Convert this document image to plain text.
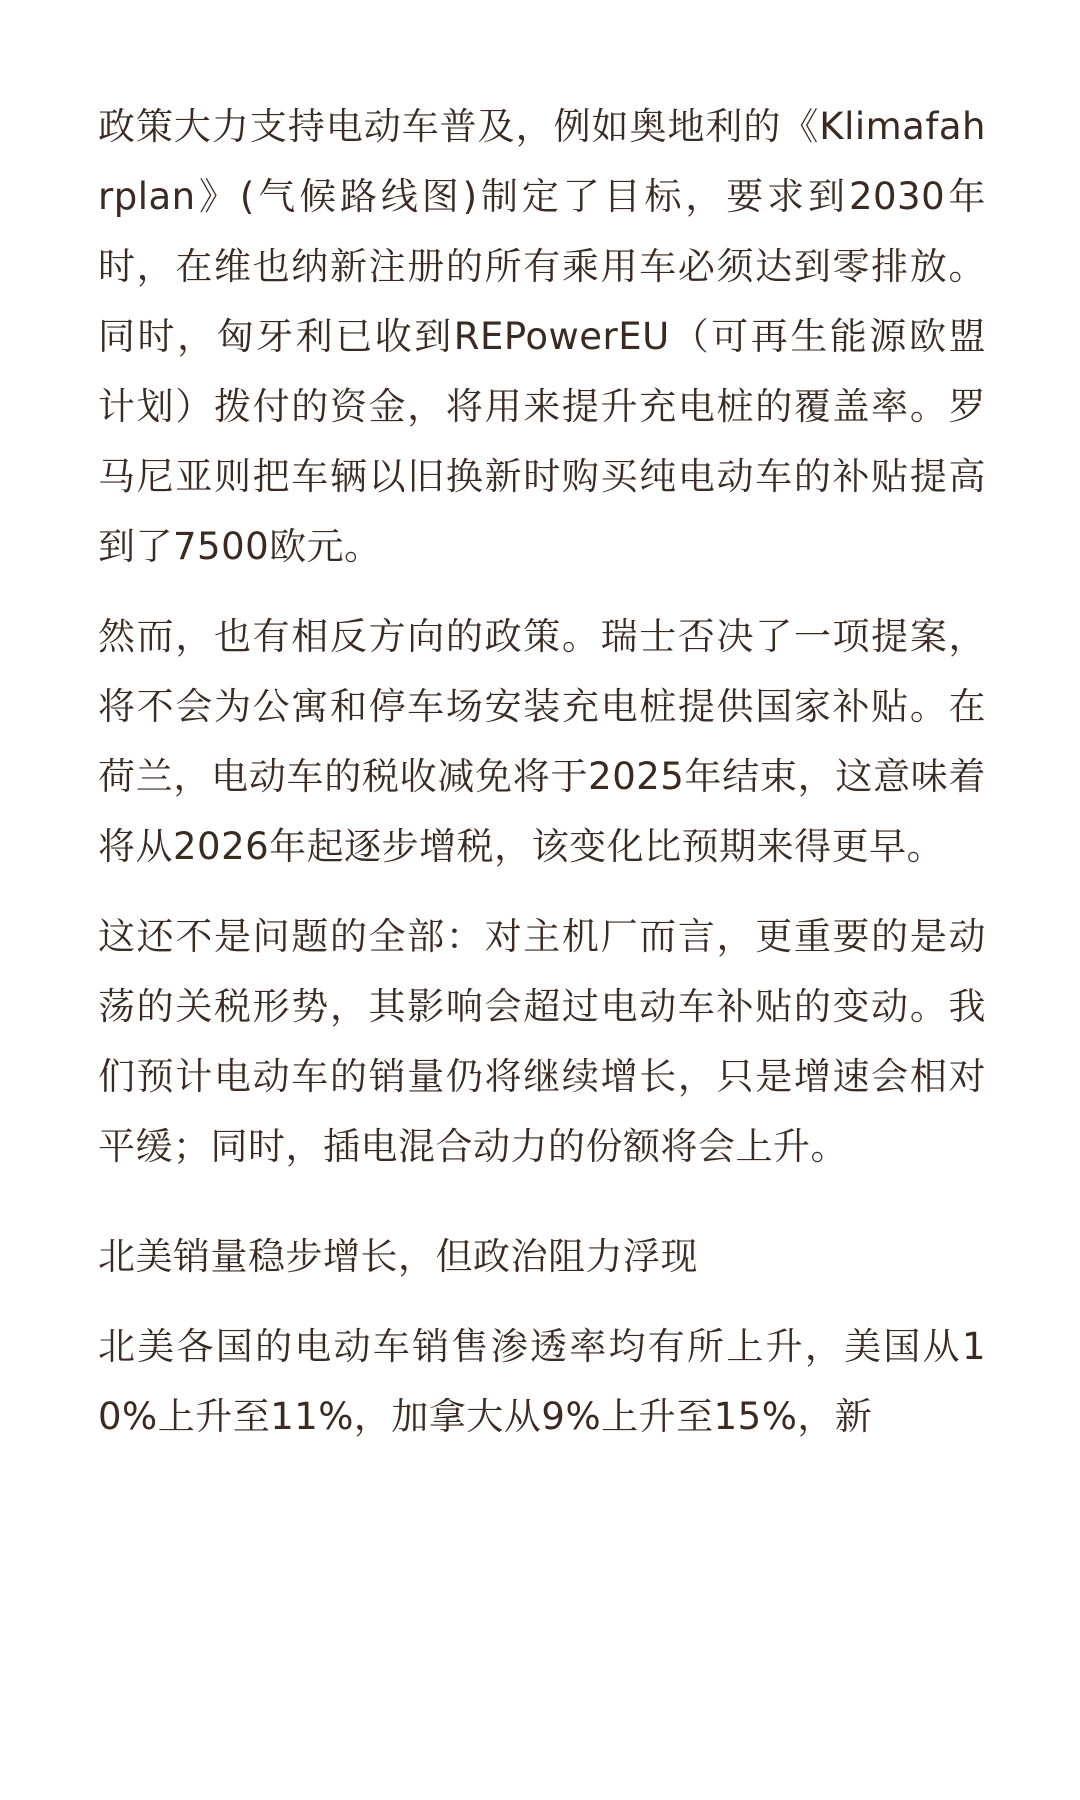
政策大力支持电动车普及，例如奥地利的《Klimafahrplan》(气候路线图)制定了目标，要求到2030年时，在维也纳新注册的所有乘用车必须达到零排放。同时，匈牙利已收到REPowerEU（可再生能源欧盟计划）拨付的资金，将用来提升充电桩的覆盖率。罗马尼亚则把车辆以旧换新时购买纯电动车的补贴提高到了7500欧元。

然而，也有相反方向的政策。瑞士否决了一项提案，将不会为公寓和停车场安装充电桩提供国家补贴。在荷兰，电动车的税收减免将于2025年结束，这意味着将从2026年起逐步增税，该变化比预期来得更早。

这还不是问题的全部：对主机厂而言，更重要的是动荡的关税形势，其影响会超过电动车补贴的变动。我们预计电动车的销量仍将继续增长，只是增速会相对平缓；同时，插电混合动力的份额将会上升。

北美销量稳步增长，但政治阻力浮现

北美各国的电动车销售渗透率均有所上升，美国从10%上升至11%，加拿大从9%上升至15%，新
